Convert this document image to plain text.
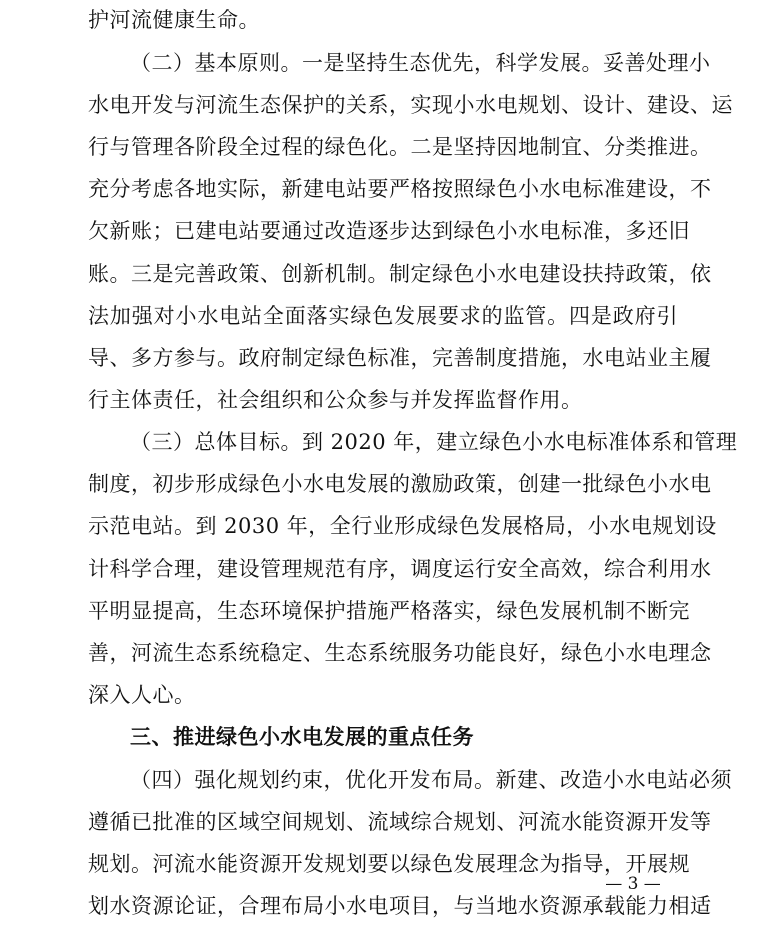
护河流健康生命。
（二）基本原则。一是坚持生态优先，科学发展。妥善处理小
水电开发与河流生态保护的关系，实现小水电规划、设计、建设、运
行与管理各阶段全过程的绿色化。二是坚持因地制宜、分类推进。
充分考虑各地实际，新建电站要严格按照绿色小水电标准建设，不
欠新账；已建电站要通过改造逐步达到绿色小水电标准，多还旧
账。三是完善政策、创新机制。制定绿色小水电建设扶持政策，依
法加强对小水电站全面落实绿色发展要求的监管。四是政府引
导、多方参与。政府制定绿色标准，完善制度措施，水电站业主履
行主体责任，社会组织和公众参与并发挥监督作用。
（三）总体目标。到 2020 年，建立绿色小水电标准体系和管理
制度，初步形成绿色小水电发展的激励政策，创建一批绿色小水电
示范电站。到 2030 年，全行业形成绿色发展格局，小水电规划设
计科学合理，建设管理规范有序，调度运行安全高效，综合利用水
平明显提高，生态环境保护措施严格落实，绿色发展机制不断完
善，河流生态系统稳定、生态系统服务功能良好，绿色小水电理念
深入人心。
三、推进绿色小水电发展的重点任务
（四）强化规划约束，优化开发布局。新建、改造小水电站必须
遵循已批准的区域空间规划、流域综合规划、河流水能资源开发等
规划。河流水能资源开发规划要以绿色发展理念为指导，开展规
划水资源论证，合理布局小水电项目，与当地水资源承载能力相适
— 3 —
